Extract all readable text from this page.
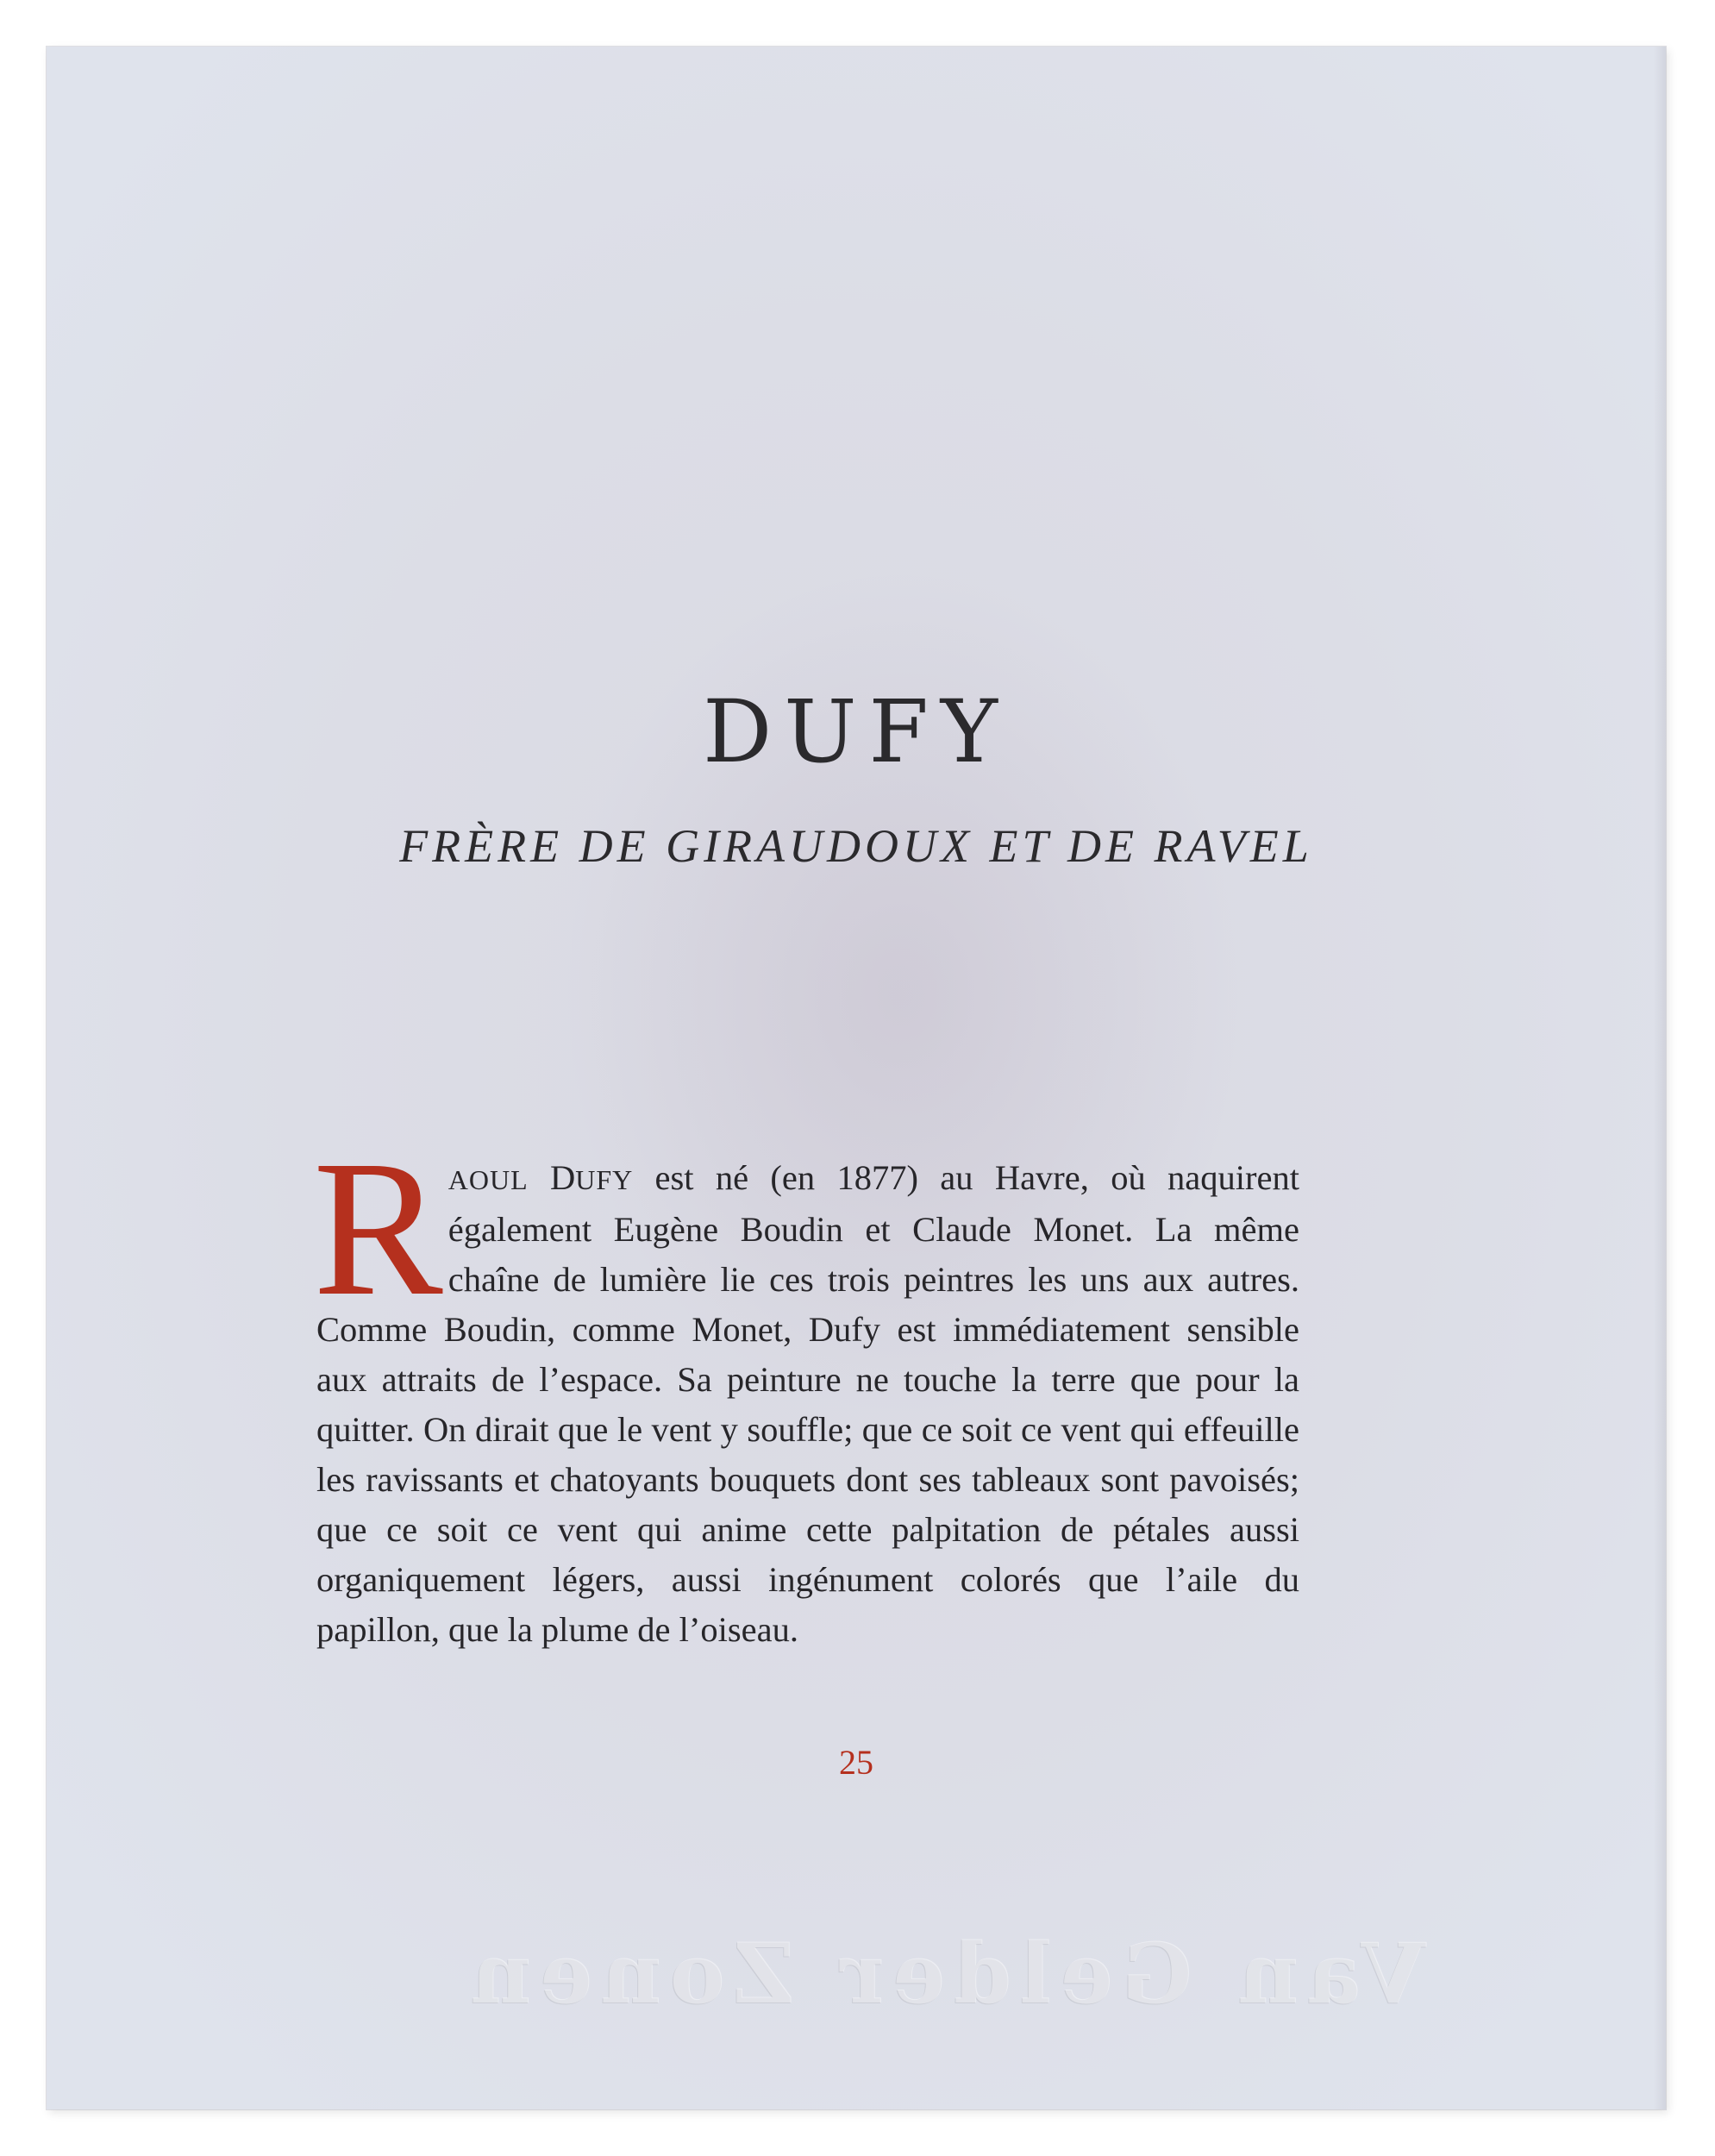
DUFY
FRÈRE DE GIRAUDOUX ET DE RAVEL
RAOUL DUFY est né (en 1877) au Havre, où naquirent également Eugène Boudin et Claude Monet. La même chaîne de lumière lie ces trois peintres les uns aux autres. Comme Boudin, comme Monet, Dufy est immédiatement sensible aux attraits de l’espace. Sa peinture ne touche la terre que pour la quitter. On dirait que le vent y souffle; que ce soit ce vent qui effeuille les ravissants et chatoyants bouquets dont ses tableaux sont pavoisés; que ce soit ce vent qui anime cette palpitation de pétales aussi organiquement légers, aussi ingénument colorés que l’aile du papillon, que la plume de l’oiseau.
25
Van Gelder Zonen
